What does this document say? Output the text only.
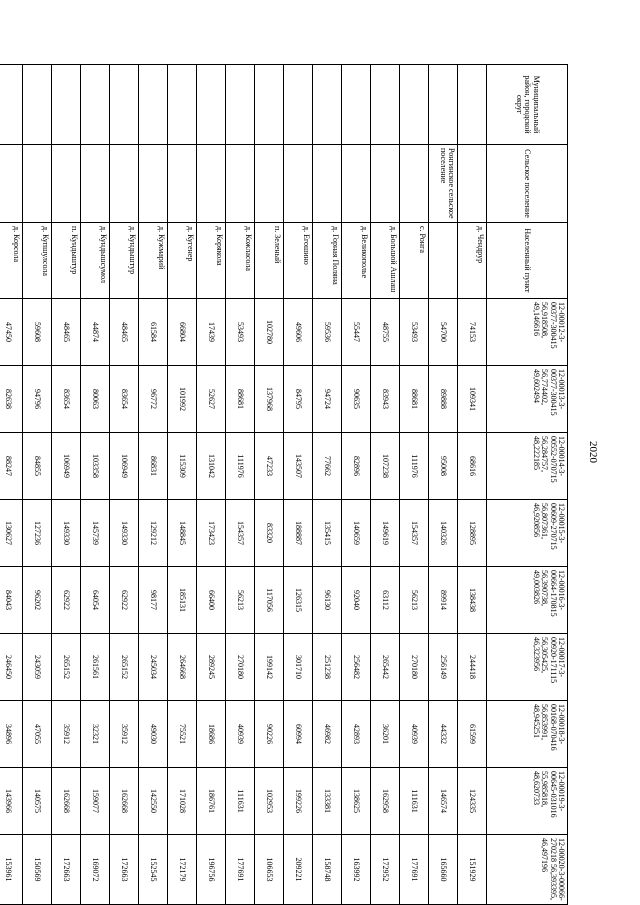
2020
Муниципальный район, городской округ	Сельское поселение	Населенный пункт	12-00012-3-00377-300415 56,918508, 49,146616	12-00013-3-00377-300415 56,774402, 49,602494	12-00014-3-00552-070715 56,284757, 48,222185	12-00015-3-00609-270715 56,807361, 46,920856	12-00016-3-00664-170815 56,390738, 49,003826	12-00017-3-00920-171115 56,305425, 46,323956	12-00018-3-00168-070416 56,853991, 48,945251	12-00019-3-00645-031016 55,985818, 48,620733	12-00020-3-00066-270218 56,393395, 46,497196
		д. Чендрур	74153	109341	68616	128895	138438	244418	61599	124335	151929
	Ронгинское сельское поселение		54700	89888	95008	140326	89914	256149	44332	146574	165660
		с. Ронга	53493	88681	111976	154357	56213	270180	40939	111631	177691
		д. Большой Ашлаш	48755	83943	107238	149619	63112	265442	36201	162958	172952
		д. Великополье	55447	90635	82896	140659	92040	256482	42893	138625	163992
		д. Горная Поляна	59536	94724	77662	135415	96130	251238	46982	133381	158748
		д. Егошино	49606	84795	143507	188887	126315	301710	60994	199226	209221
		п. Зеленый	102780	137968	47233	83320	117056	199142	90226	102953	106653
		д. Кожласола	53493	88681	111976	154357	56213	270180	40939	111631	177691
		д. Корякола	17439	52627	131042	173423	66400	289245	18686	186761	196756
		д. Кугенер	66804	101992	115309	148845	185131	264668	75521	171028	172179
		д. Кужмарий	61584	96772	86831	129212	98177	245034	49030	142550	152545
		д. Кундыштур	48465	83654	106949	149330	62922	265152	35912	162668	172663
		д. Кундышсумол	44874	80063	103358	145739	64054	261561	32321	159077	169072
		п. Кундыштур	48465	83654	106949	149330	62922	265152	35912	162668	172663
		д. Купшулсола	59608	94796	84855	127236	96202	243059	47055	140575	150569
		д. Корсола	47450	82638	88247	130627	84043	246450	34896	143966	153961
